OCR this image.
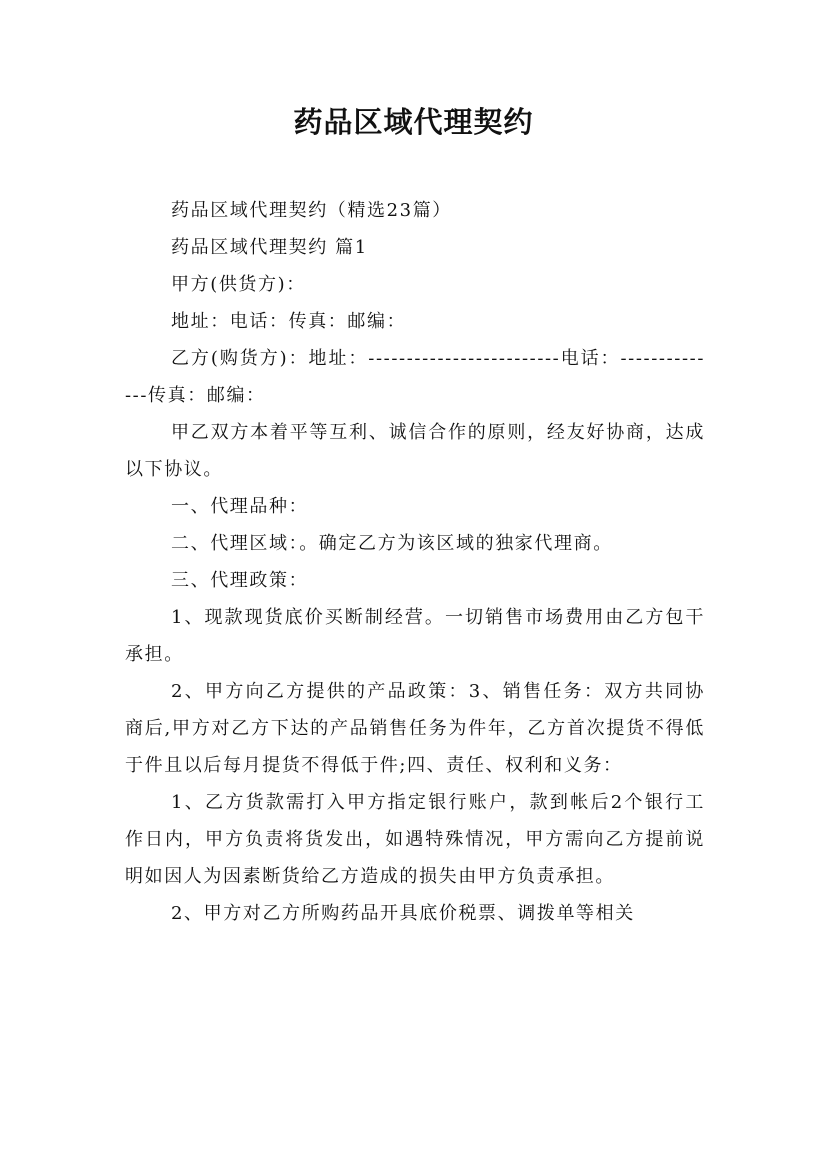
药品区域代理契约

药品区域代理契约（精选23篇）

药品区域代理契约 篇1

甲方(供货方)：

地址：电话：传真：邮编：

乙方(购货方)：地址：-------------------------电话：--------------传真：邮编：

甲乙双方本着平等互利、诚信合作的原则，经友好协商，达成以下协议。

一、代理品种：

二、代理区域：。确定乙方为该区域的独家代理商。

三、代理政策：

1、现款现货底价买断制经营。一切销售市场费用由乙方包干承担。

2、甲方向乙方提供的产品政策：3、销售任务：双方共同协商后,甲方对乙方下达的产品销售任务为件年，乙方首次提货不得低于件且以后每月提货不得低于件;四、责任、权利和义务：

1、乙方货款需打入甲方指定银行账户，款到帐后2个银行工作日内，甲方负责将货发出，如遇特殊情况，甲方需向乙方提前说明如因人为因素断货给乙方造成的损失由甲方负责承担。

2、甲方对乙方所购药品开具底价税票、调拨单等相关
